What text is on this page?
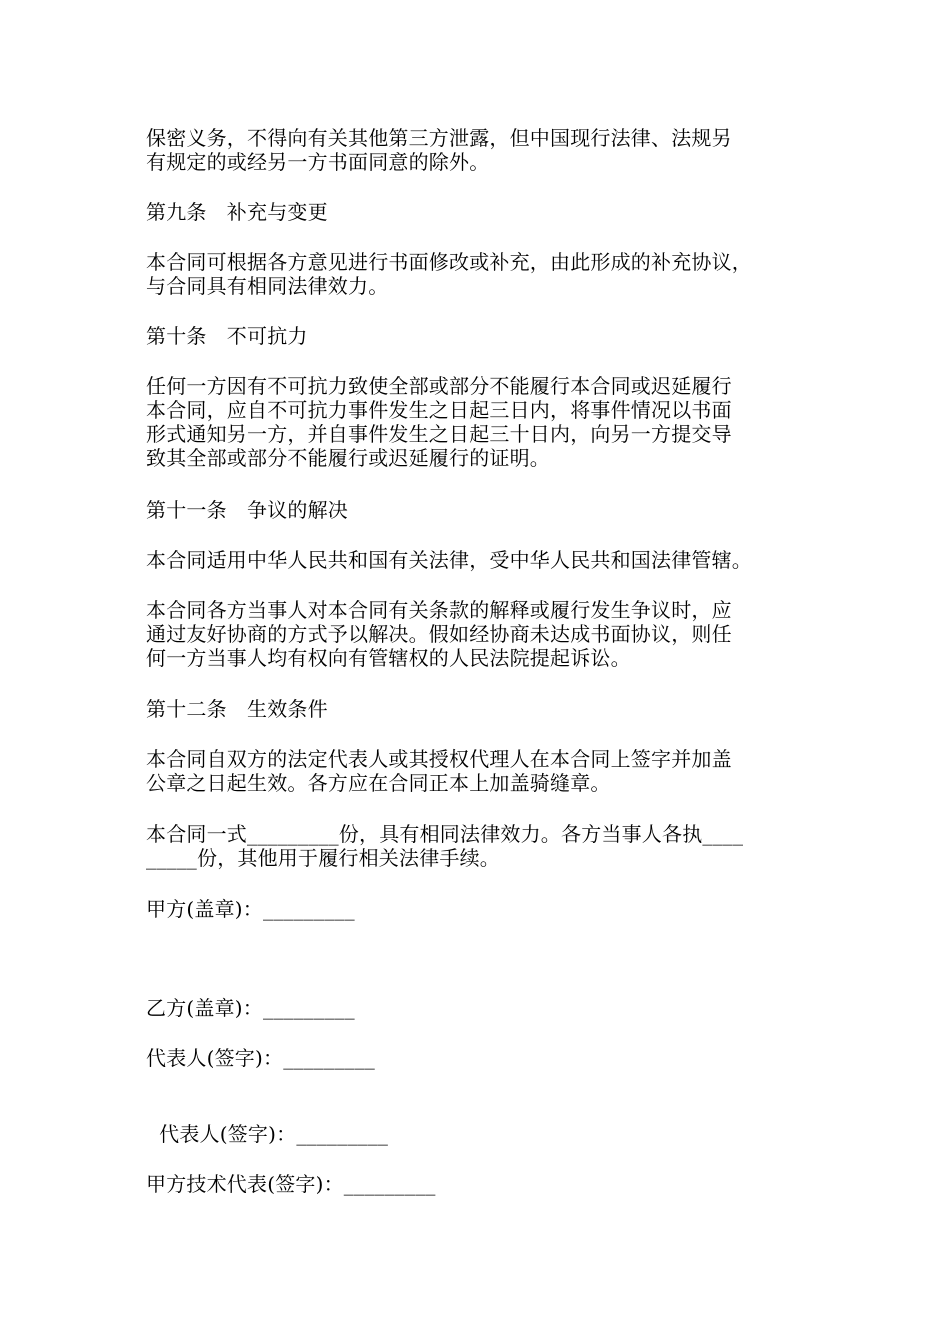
保密义务，不得向有关其他第三方泄露，但中国现行法律、法规另
有规定的或经另一方书面同意的除外。
第九条　补充与变更
本合同可根据各方意见进行书面修改或补充，由此形成的补充协议，
与合同具有相同法律效力。
第十条　不可抗力
任何一方因有不可抗力致使全部或部分不能履行本合同或迟延履行
本合同，应自不可抗力事件发生之日起三日内，将事件情况以书面
形式通知另一方，并自事件发生之日起三十日内，向另一方提交导
致其全部或部分不能履行或迟延履行的证明。
第十一条　争议的解决
本合同适用中华人民共和国有关法律，受中华人民共和国法律管辖。
本合同各方当事人对本合同有关条款的解释或履行发生争议时，应
通过友好协商的方式予以解决。假如经协商未达成书面协议，则任
何一方当事人均有权向有管辖权的人民法院提起诉讼。
第十二条　生效条件
本合同自双方的法定代表人或其授权代理人在本合同上签字并加盖
公章之日起生效。各方应在合同正本上加盖骑缝章。
本合同一式_________份，具有相同法律效力。各方当事人各执____
_____份，其他用于履行相关法律手续。
甲方(盖章)：_________
乙方(盖章)：_________
代表人(签字)：_________
代表人(签字)：_________
甲方技术代表(签字)：_________
